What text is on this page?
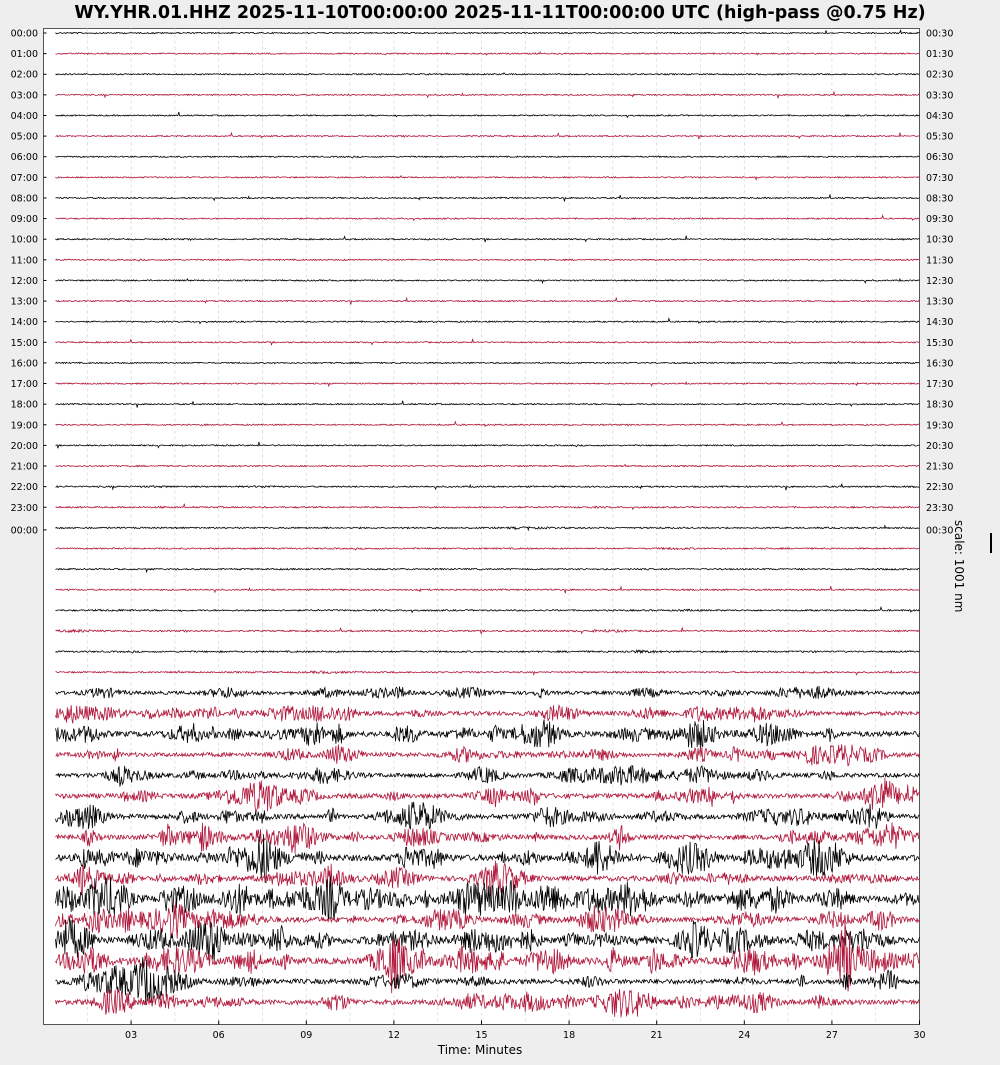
WY.YHR.01.HHZ 2025-11-10T00:00:00 2025-11-11T00:00:00 UTC (high-pass @0.75 Hz)
00:00
01:00
02:00
03:00
04:00
05:00
06:00
07:00
08:00
09:00
10:00
11:00
12:00
13:00
14:00
15:00
16:00
17:00
18:00
19:00
20:00
21:00
22:00
23:00
00:00
00:30
01:30
02:30
03:30
04:30
05:30
06:30
07:30
08:30
09:30
10:30
11:30
12:30
13:30
14:30
15:30
16:30
17:30
18:30
19:30
20:30
21:30
22:30
23:30
00:30
03	06	09	12	15	18	21	24	27	30
Time: Minutes
scale: 1001 nm
